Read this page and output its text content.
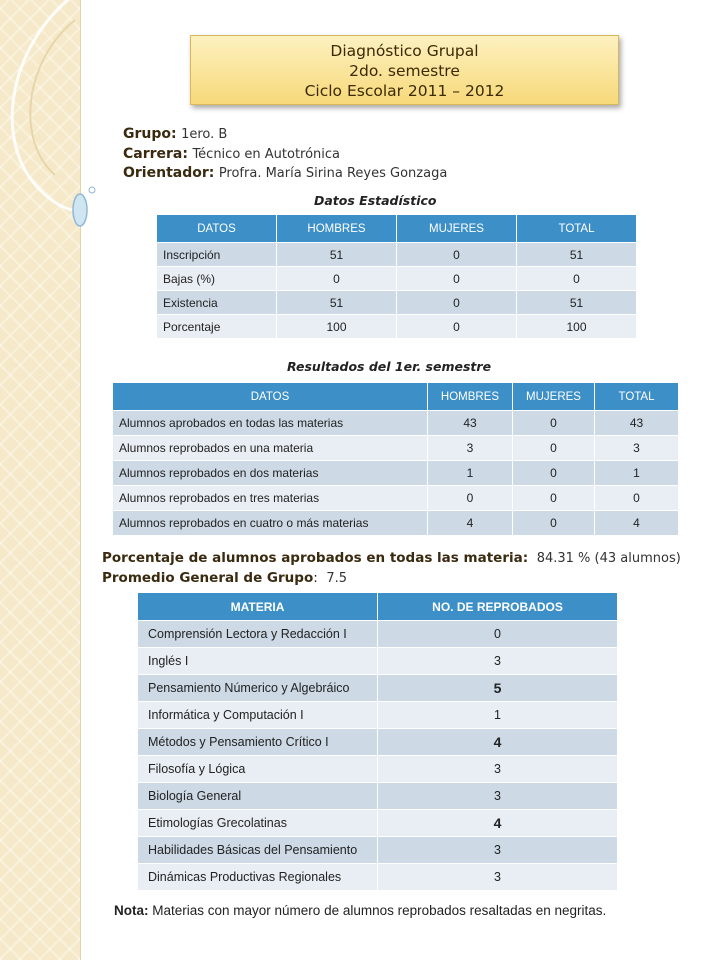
Diagnóstico Grupal
2do. semestre
Ciclo Escolar 2011 – 2012
Grupo: 1ero. B
Carrera: Técnico en Autotrónica
Orientador: Profra. María Sirina Reyes Gonzaga
Datos Estadístico
DATOS	HOMBRES	MUJERES	TOTAL
Inscripción	51	0	51
Bajas (%)	0	0	0
Existencia	51	0	51
Porcentaje	100	0	100
Resultados del 1er. semestre
DATOS	HOMBRES	MUJERES	TOTAL
Alumnos aprobados en todas las materias	43	0	43
Alumnos reprobados en una materia	3	0	3
Alumnos reprobados en dos materias	1	0	1
Alumnos reprobados en tres materias	0	0	0
Alumnos reprobados en cuatro o más materias	4	0	4
Porcentaje de alumnos aprobados en todas las materia: 84.31 % (43 alumnos)
Promedio General de Grupo: 7.5
MATERIA	NO. DE REPROBADOS
Comprensión Lectora y Redacción I	0
Inglés I	3
Pensamiento Númerico y Algebráico	5
Informática y Computación I	1
Métodos y Pensamiento Crítico I	4
Filosofía y Lógica	3
Biología General	3
Etimologías Grecolatinas	4
Habilidades Básicas del Pensamiento	3
Dinámicas Productivas Regionales	3
Nota: Materias con mayor número de alumnos reprobados resaltadas en negritas.
